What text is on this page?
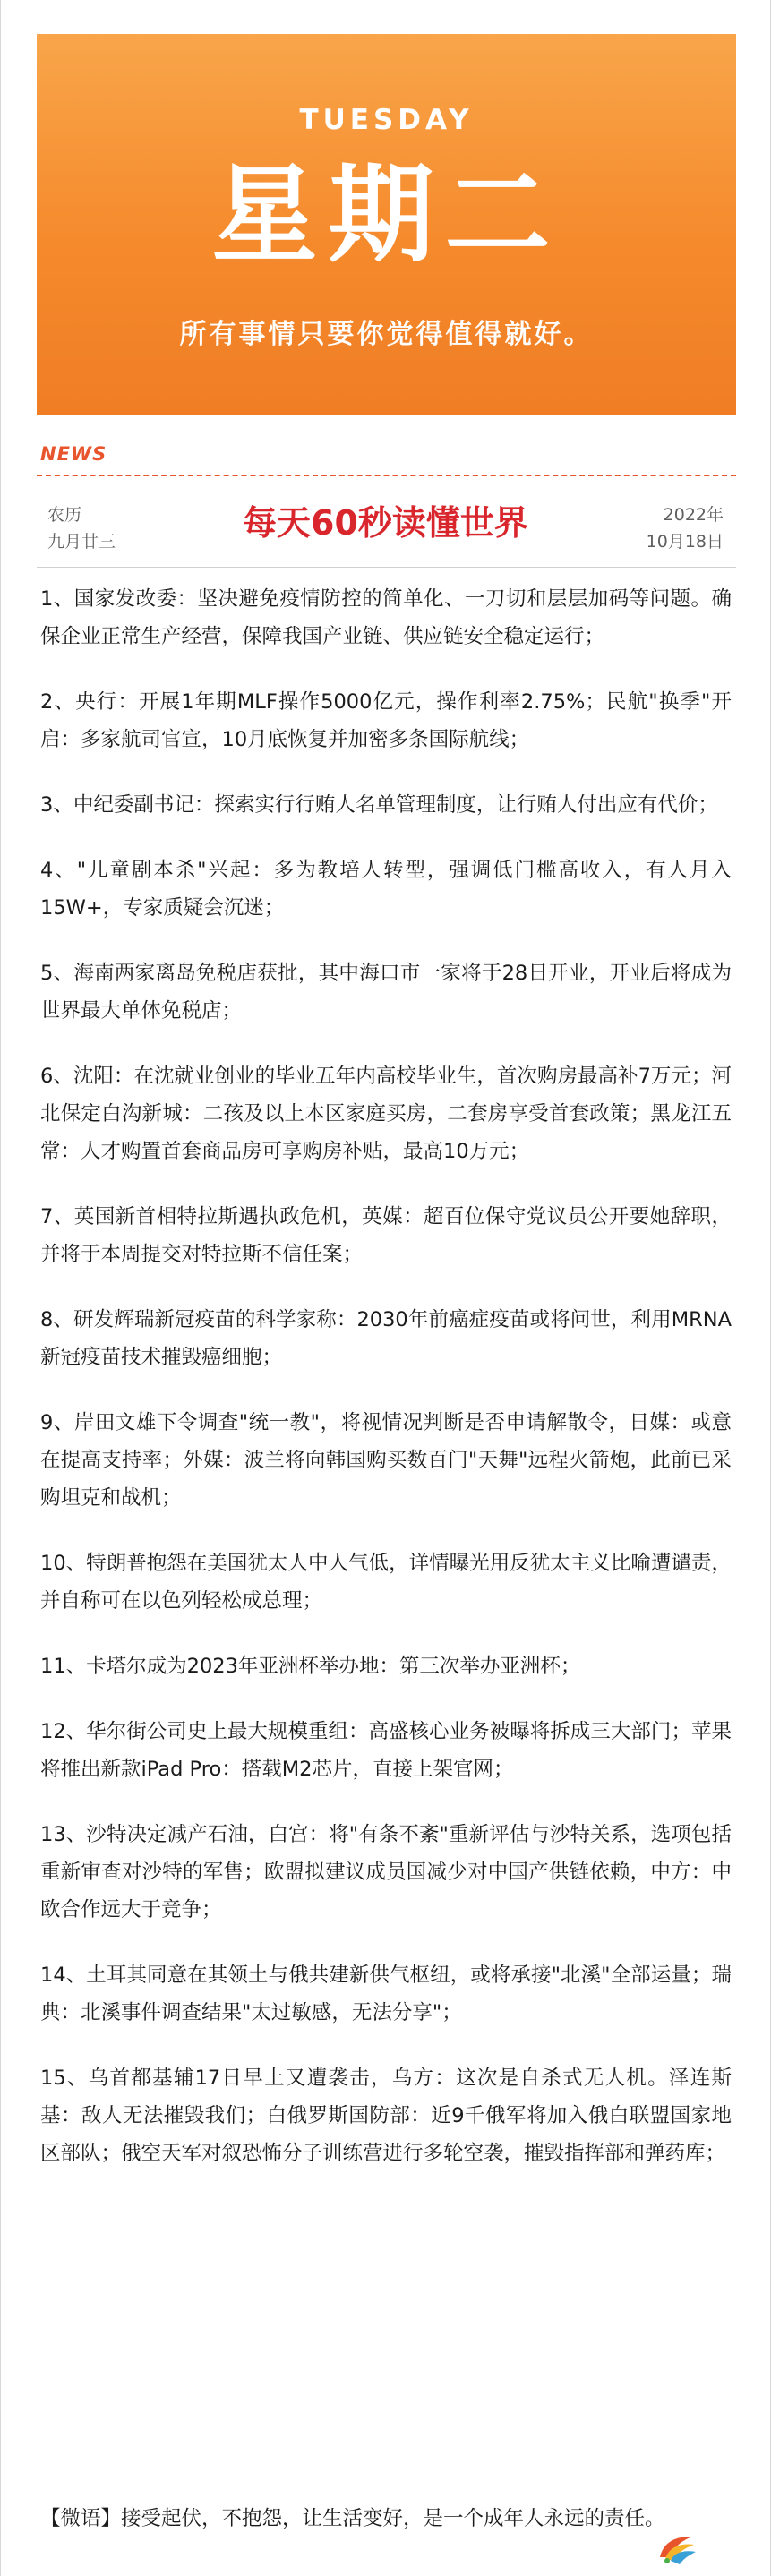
TUESDAY
星期二
所有事情只要你觉得值得就好。
NEWS
农历
九月廿三	每天60秒读懂世界	2022年
10月18日

1、国家发改委：坚决避免疫情防控的简单化、一刀切和层层加码等问题。确保企业正常生产经营，保障我国产业链、供应链安全稳定运行；

2、央行：开展1年期MLF操作5000亿元，操作利率2.75%；民航"换季"开启：多家航司官宣，10月底恢复并加密多条国际航线；

3、中纪委副书记：探索实行行贿人名单管理制度，让行贿人付出应有代价；

4、"儿童剧本杀"兴起：多为教培人转型，强调低门槛高收入，有人月入15W+，专家质疑会沉迷；

5、海南两家离岛免税店获批，其中海口市一家将于28日开业，开业后将成为世界最大单体免税店；

6、沈阳：在沈就业创业的毕业五年内高校毕业生，首次购房最高补7万元；河北保定白沟新城：二孩及以上本区家庭买房，二套房享受首套政策；黑龙江五常：人才购置首套商品房可享购房补贴，最高10万元；

7、英国新首相特拉斯遇执政危机，英媒：超百位保守党议员公开要她辞职，并将于本周提交对特拉斯不信任案；

8、研发辉瑞新冠疫苗的科学家称：2030年前癌症疫苗或将问世，利用MRNA新冠疫苗技术摧毁癌细胞；

9、岸田文雄下令调查"统一教"，将视情况判断是否申请解散令，日媒：或意在提高支持率；外媒：波兰将向韩国购买数百门"天舞"远程火箭炮，此前已采购坦克和战机；

10、特朗普抱怨在美国犹太人中人气低，详情曝光用反犹太主义比喻遭谴责，并自称可在以色列轻松成总理；

11、卡塔尔成为2023年亚洲杯举办地：第三次举办亚洲杯；

12、华尔街公司史上最大规模重组：高盛核心业务被曝将拆成三大部门；苹果将推出新款iPad Pro：搭载M2芯片，直接上架官网；

13、沙特决定减产石油，白宫：将"有条不紊"重新评估与沙特关系，选项包括重新审查对沙特的军售；欧盟拟建议成员国减少对中国产供链依赖，中方：中欧合作远大于竞争；

14、土耳其同意在其领土与俄共建新供气枢纽，或将承接"北溪"全部运量；瑞典：北溪事件调查结果"太过敏感，无法分享"；

15、乌首都基辅17日早上又遭袭击，乌方：这次是自杀式无人机。泽连斯基：敌人无法摧毁我们；白俄罗斯国防部：近9千俄军将加入俄白联盟国家地区部队；俄空天军对叙恐怖分子训练营进行多轮空袭，摧毁指挥部和弹药库；

【微语】接受起伏，不抱怨，让生活变好，是一个成年人永远的责任。
